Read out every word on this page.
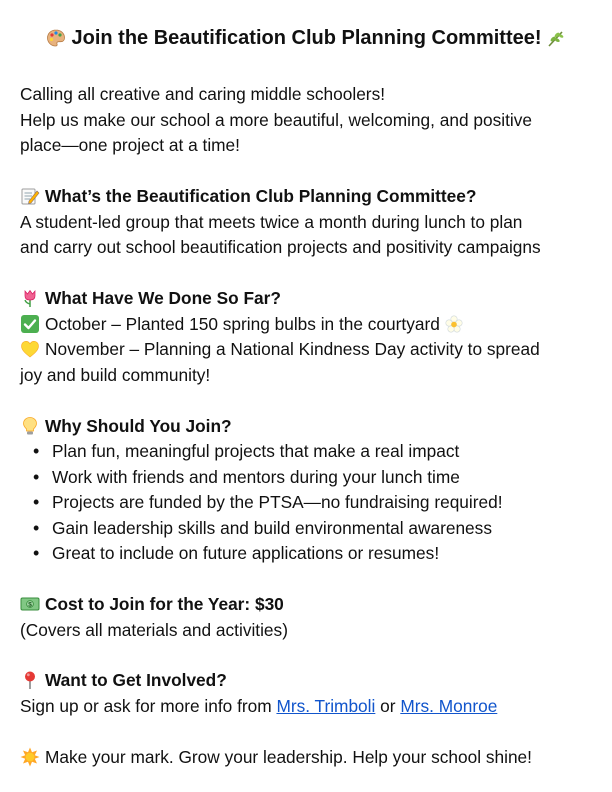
Join the Beautification Club Planning Committee!
Calling all creative and caring middle schoolers!
Help us make our school a more beautiful, welcoming, and positive
place—one project at a time!
What’s the Beautification Club Planning Committee?
A student-led group that meets twice a month during lunch to plan
and carry out school beautification projects and positivity campaigns
What Have We Done So Far?
October – Planted 150 spring bulbs in the courtyard
November – Planning a National Kindness Day activity to spread
joy and build community!
Why Should You Join?
• Plan fun, meaningful projects that make a real impact
• Work with friends and mentors during your lunch time
• Projects are funded by the PTSA—no fundraising required!
• Gain leadership skills and build environmental awareness
• Great to include on future applications or resumes!
$ Cost to Join for the Year: $30
(Covers all materials and activities)
Want to Get Involved?
Sign up or ask for more info from Mrs. Trimboli or Mrs. Monroe
Make your mark. Grow your leadership. Help your school shine!
